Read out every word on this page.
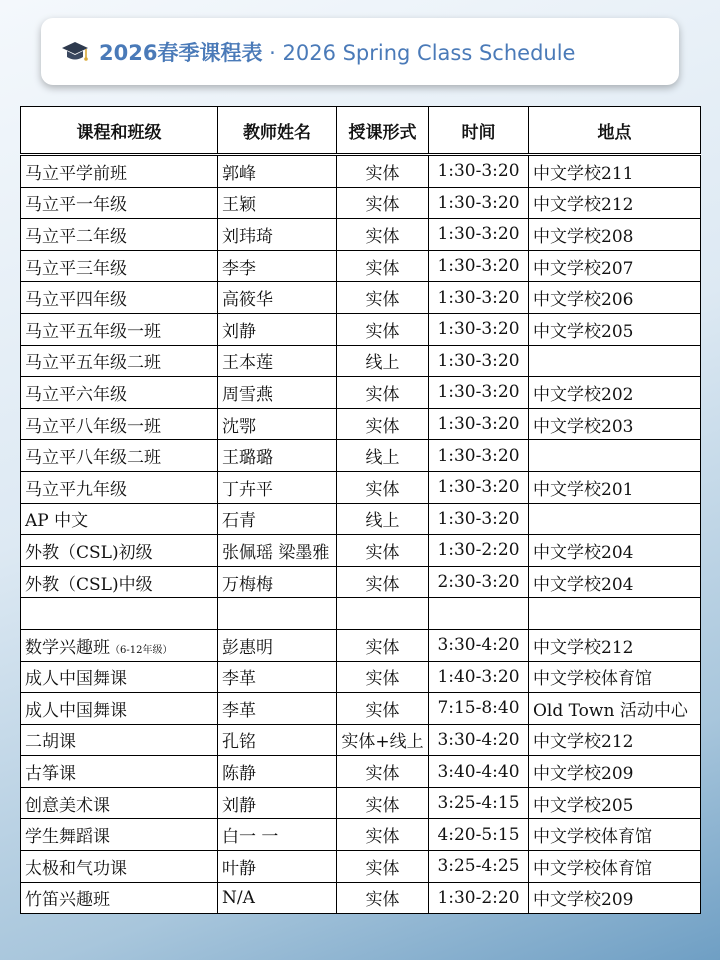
2026春季课程表 · 2026 Spring Class Schedule
课程和班级	教师姓名	授课形式	时间	地点
马立平学前班	郭峰	实体	1:30-3:20	中文学校211
马立平一年级	王颖	实体	1:30-3:20	中文学校212
马立平二年级	刘玮琦	实体	1:30-3:20	中文学校208
马立平三年级	李李	实体	1:30-3:20	中文学校207
马立平四年级	高筱华	实体	1:30-3:20	中文学校206
马立平五年级一班	刘静	实体	1:30-3:20	中文学校205
马立平五年级二班	王本莲	线上	1:30-3:20	
马立平六年级	周雪燕	实体	1:30-3:20	中文学校202
马立平八年级一班	沈鄂	实体	1:30-3:20	中文学校203
马立平八年级二班	王璐璐	线上	1:30-3:20	
马立平九年级	丁卉平	实体	1:30-3:20	中文学校201
AP 中文	石青	线上	1:30-3:20	
外教（CSL)初级	张佩瑶 梁墨雅	实体	1:30-2:20	中文学校204
外教（CSL)中级	万梅梅	实体	2:30-3:20	中文学校204

数学兴趣班（6-12年级）	彭惠明	实体	3:30-4:20	中文学校212
成人中国舞课	李革	实体	1:40-3:20	中文学校体育馆
成人中国舞课	李革	实体	7:15-8:40	Old Town 活动中心
二胡课	孔铭	实体+线上	3:30-4:20	中文学校212
古筝课	陈静	实体	3:40-4:40	中文学校209
创意美术课	刘静	实体	3:25-4:15	中文学校205
学生舞蹈课	白一 一	实体	4:20-5:15	中文学校体育馆
太极和气功课	叶静	实体	3:25-4:25	中文学校体育馆
竹笛兴趣班	N/A	实体	1:30-2:20	中文学校209
